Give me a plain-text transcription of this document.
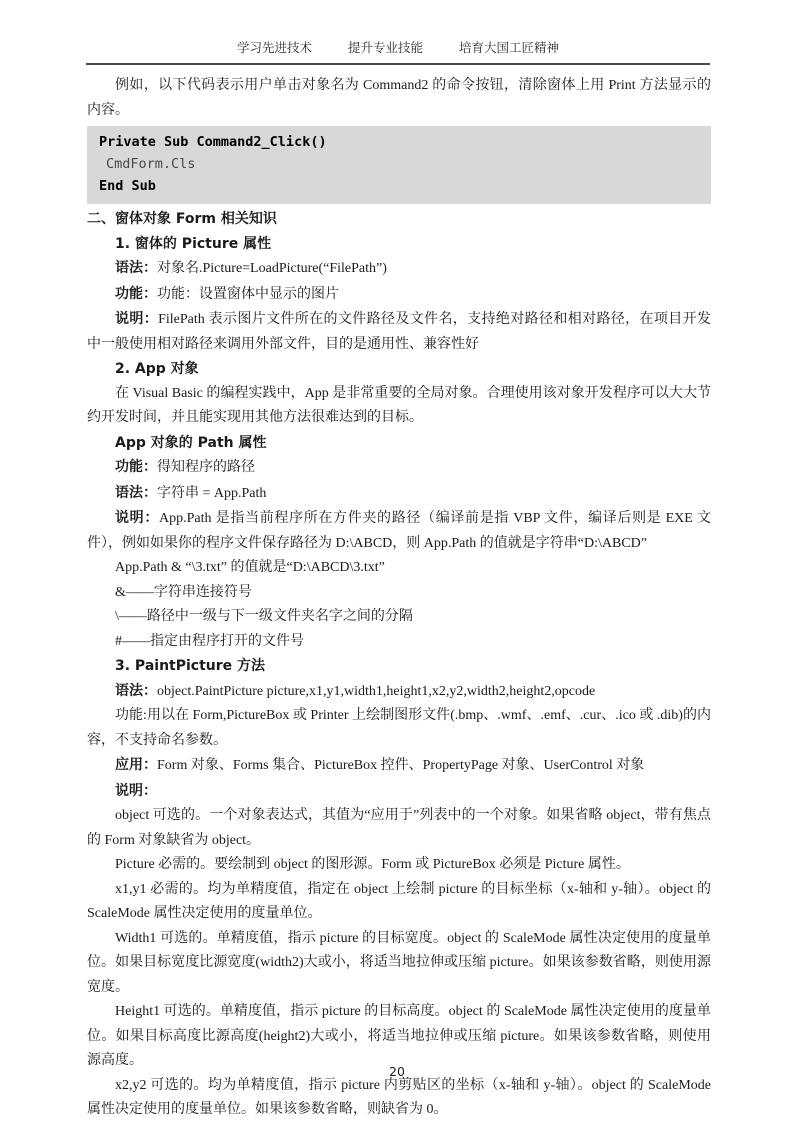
学习先进技术	提升专业技能	培育大国工匠精神

例如，以下代码表示用户单击对象名为 Command2 的命令按钮，清除窗体上用 Print 方法显示的内容。

Private Sub Command2_Click()
CmdForm.Cls
End Sub
二、窗体对象 Form 相关知识
1. 窗体的 Picture 属性

语法：对象名.Picture=LoadPicture(“FilePath”)

功能：功能：设置窗体中显示的图片

说明：FilePath 表示图片文件所在的文件路径及文件名，支持绝对路径和相对路径，在项目开发中一般使用相对路径来调用外部文件，目的是通用性、兼容性好

2. App 对象

在 Visual Basic 的编程实践中，App 是非常重要的全局对象。合理使用该对象开发程序可以大大节约开发时间，并且能实现用其他方法很难达到的目标。

App 对象的 Path 属性

功能：得知程序的路径

语法：字符串 = App.Path

说明：App.Path 是指当前程序所在方件夹的路径（编译前是指 VBP 文件，编译后则是 EXE 文件），例如如果你的程序文件保存路径为 D:\ABCD，则 App.Path 的值就是字符串“D:\ABCD”

App.Path & “\3.txt” 的值就是“D:\ABCD\3.txt”

&——字符串连接符号

\——路径中一级与下一级文件夹名字之间的分隔

#——指定由程序打开的文件号

3. PaintPicture 方法

语法：object.PaintPicture picture,x1,y1,width1,height1,x2,y2,width2,height2,opcode

功能:用以在 Form,PictureBox 或 Printer 上绘制图形文件(.bmp、.wmf、.emf、.cur、.ico 或 .dib)的内容，不支持命名参数。

应用：Form 对象、Forms 集合、PictureBox 控件、PropertyPage 对象、UserControl 对象

说明：

object 可选的。一个对象表达式，其值为“应用于”列表中的一个对象。如果省略 object，带有焦点的 Form 对象缺省为 object。

Picture 必需的。要绘制到 object 的图形源。Form 或 PictureBox 必须是 Picture 属性。

x1,y1 必需的。均为单精度值，指定在 object 上绘制 picture 的目标坐标（x-轴和 y-轴）。object 的 ScaleMode 属性决定使用的度量单位。

Width1 可选的。单精度值，指示 picture 的目标宽度。object 的 ScaleMode 属性决定使用的度量单位。如果目标宽度比源宽度(width2)大或小，将适当地拉伸或压缩 picture。如果该参数省略，则使用源宽度。

Height1 可选的。单精度值，指示 picture 的目标高度。object 的 ScaleMode 属性决定使用的度量单位。如果目标高度比源高度(height2)大或小，将适当地拉伸或压缩 picture。如果该参数省略，则使用源高度。

x2,y2 可选的。均为单精度值，指示 picture 内剪贴区的坐标（x-轴和 y-轴）。object 的 ScaleMode 属性决定使用的度量单位。如果该参数省略，则缺省为 0。

20
